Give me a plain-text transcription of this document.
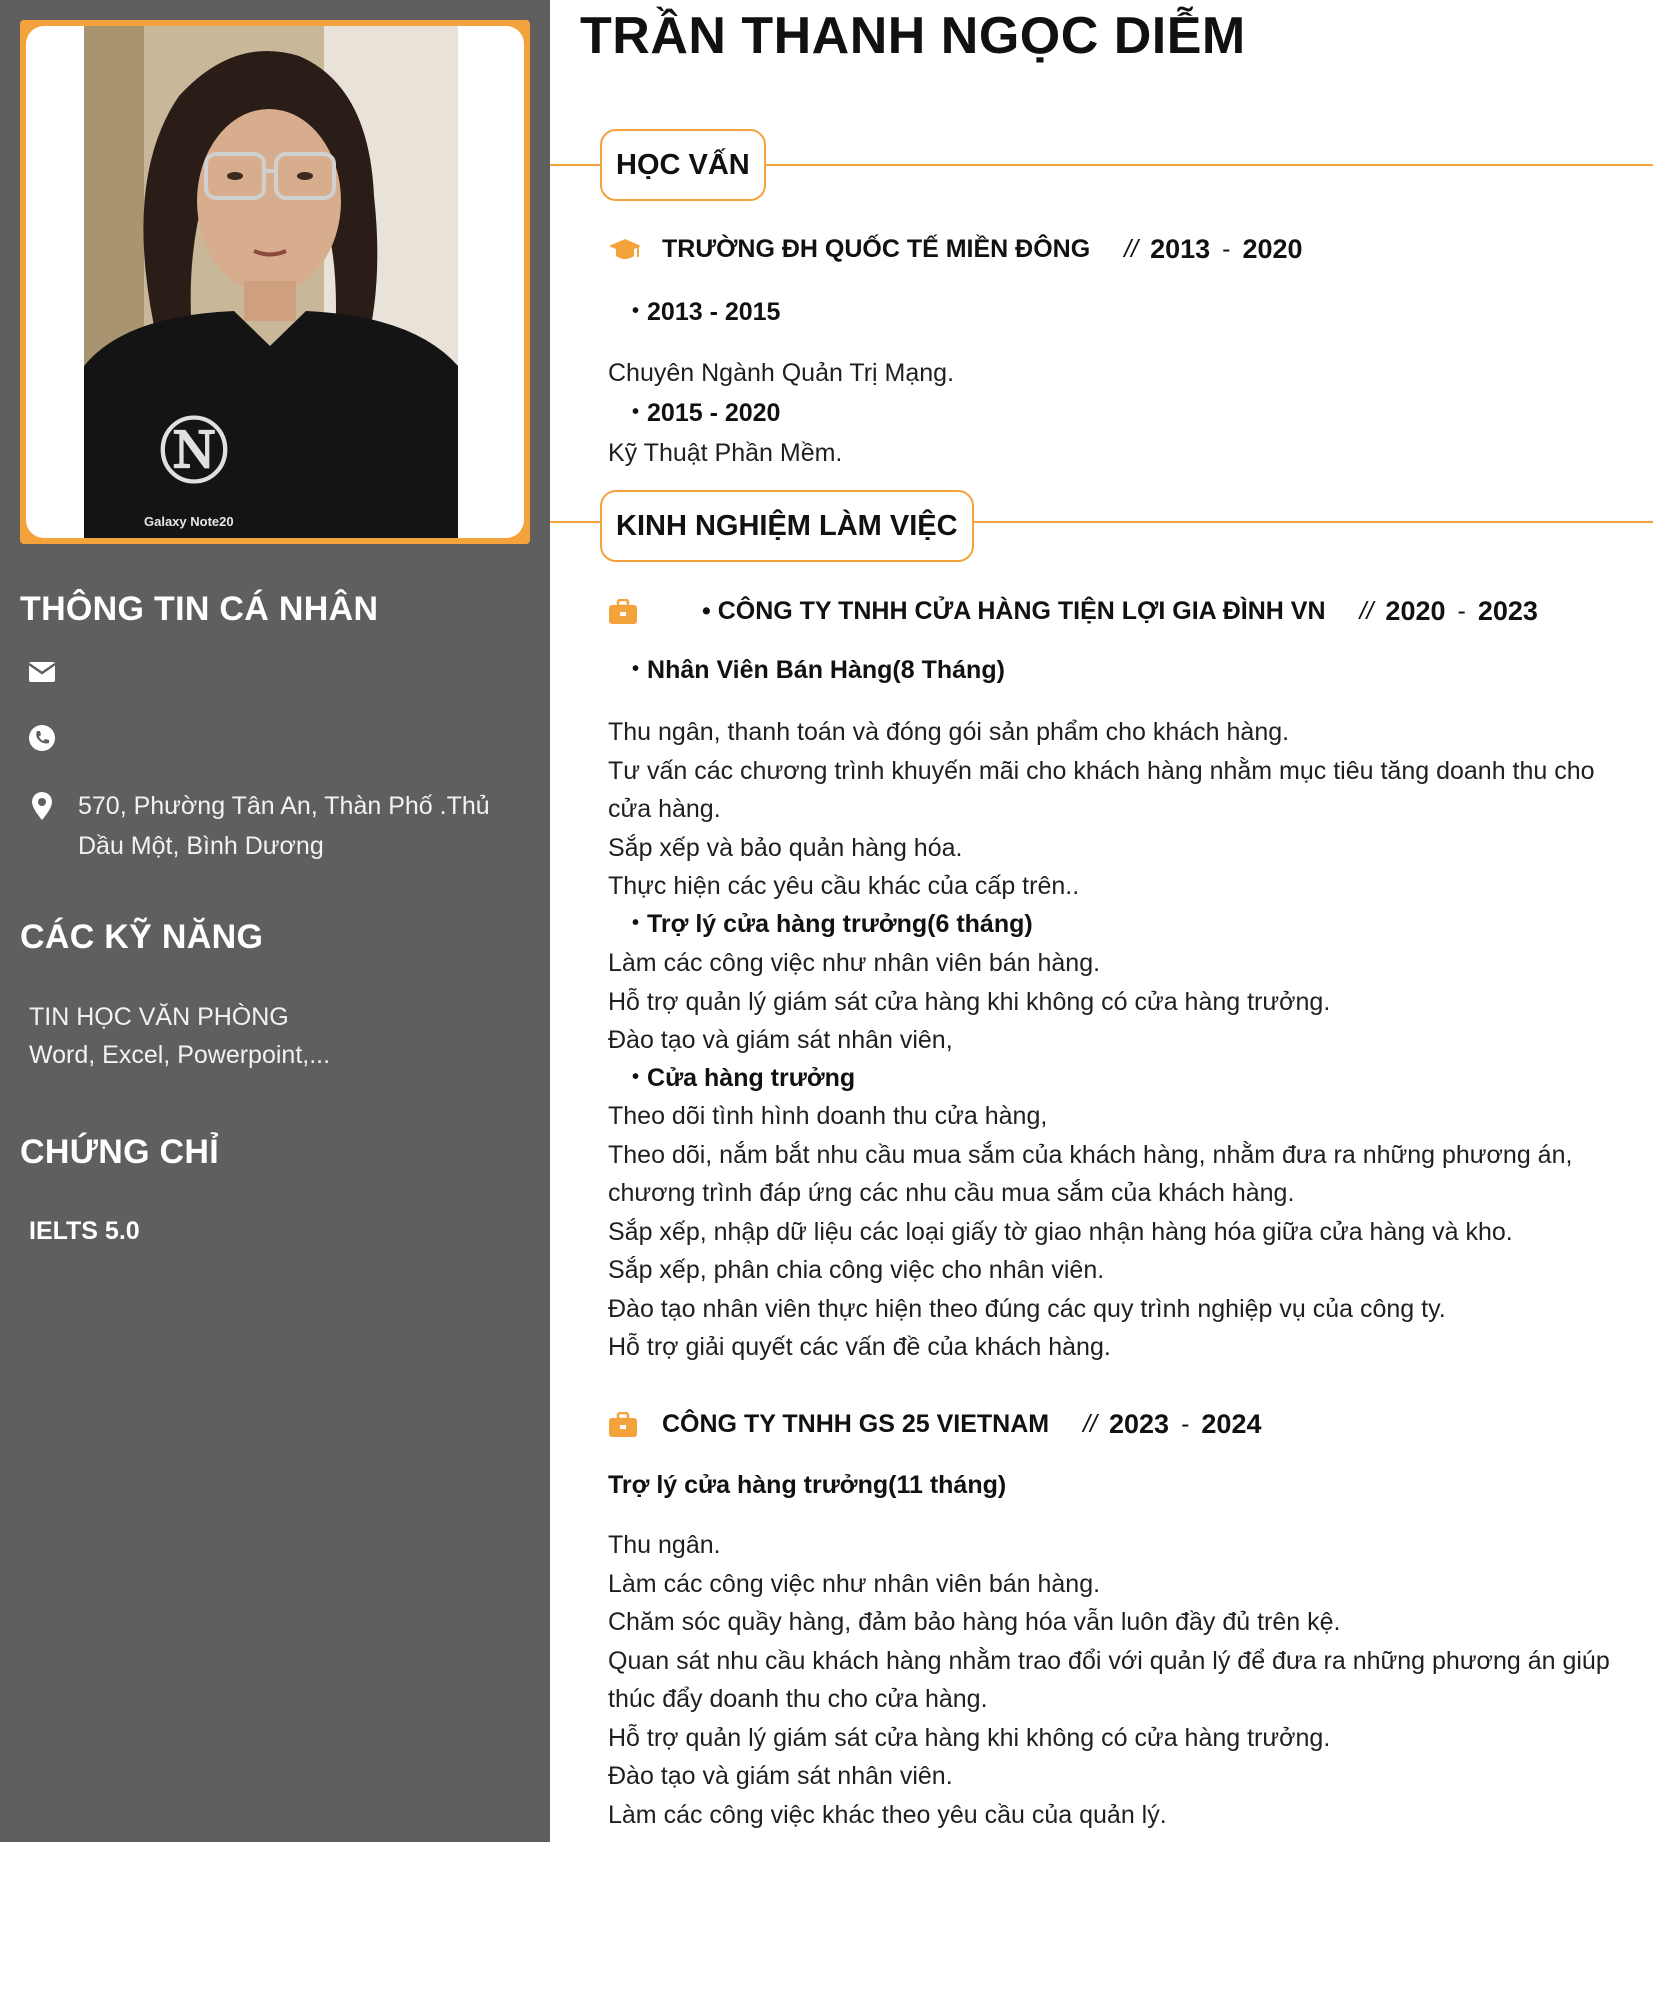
Ⓝ
Galaxy Note20
THÔNG TIN CÁ NHÂN
570, Phường Tân An, Thàn Phố .Thủ Dầu Một, Bình Dương
CÁC KỸ NĂNG
TIN HỌC VĂN PHÒNG
Word, Excel, Powerpoint,...
CHỨNG CHỈ
IELTS 5.0
TRẦN THANH NGỌC DIỄM
HỌC VẤN
TRƯỜNG ĐH QUỐC TẾ MIỀN ĐÔNG // 2013 - 2020
• 2013 - 2015
Chuyên Ngành Quản Trị Mạng.
• 2015 - 2020
Kỹ Thuật Phần Mềm.
KINH NGHIỆM LÀM VIỆC
• CÔNG TY TNHH CỬA HÀNG TIỆN LỢI GIA ĐÌNH VN // 2020 - 2023
• Nhân Viên Bán Hàng(8 Tháng)
Thu ngân, thanh toán và đóng gói sản phẩm cho khách hàng.
Tư vấn các chương trình khuyến mãi cho khách hàng nhằm mục tiêu tăng doanh thu cho cửa hàng.
Sắp xếp và bảo quản hàng hóa.
Thực hiện các yêu cầu khác của cấp trên..
• Trợ lý cửa hàng trưởng(6 tháng)
Làm các công việc như nhân viên bán hàng.
Hỗ trợ quản lý giám sát cửa hàng khi không có cửa hàng trưởng.
Đào tạo và giám sát nhân viên,
• Cửa hàng trưởng
Theo dõi tình hình doanh thu cửa hàng,
Theo dõi, nắm bắt nhu cầu mua sắm của khách hàng, nhằm đưa ra những phương án, chương trình đáp ứng các nhu cầu mua sắm của khách hàng.
Sắp xếp, nhập dữ liệu các loại giấy tờ giao nhận hàng hóa giữa cửa hàng và kho.
Sắp xếp, phân chia công việc cho nhân viên.
Đào tạo nhân viên thực hiện theo đúng các quy trình nghiệp vụ của công ty.
Hỗ trợ giải quyết các vấn đề của khách hàng.
CÔNG TY TNHH GS 25 VIETNAM // 2023 - 2024
Trợ lý cửa hàng trưởng(11 tháng)
Thu ngân.
Làm các công việc như nhân viên bán hàng.
Chăm sóc quầy hàng, đảm bảo hàng hóa vẫn luôn đầy đủ trên kệ.
Quan sát nhu cầu khách hàng nhằm trao đổi với quản lý để đưa ra những phương án giúp thúc đẩy doanh thu cho cửa hàng.
Hỗ trợ quản lý giám sát cửa hàng khi không có cửa hàng trưởng.
Đào tạo và giám sát nhân viên.
Làm các công việc khác theo yêu cầu của quản lý.
